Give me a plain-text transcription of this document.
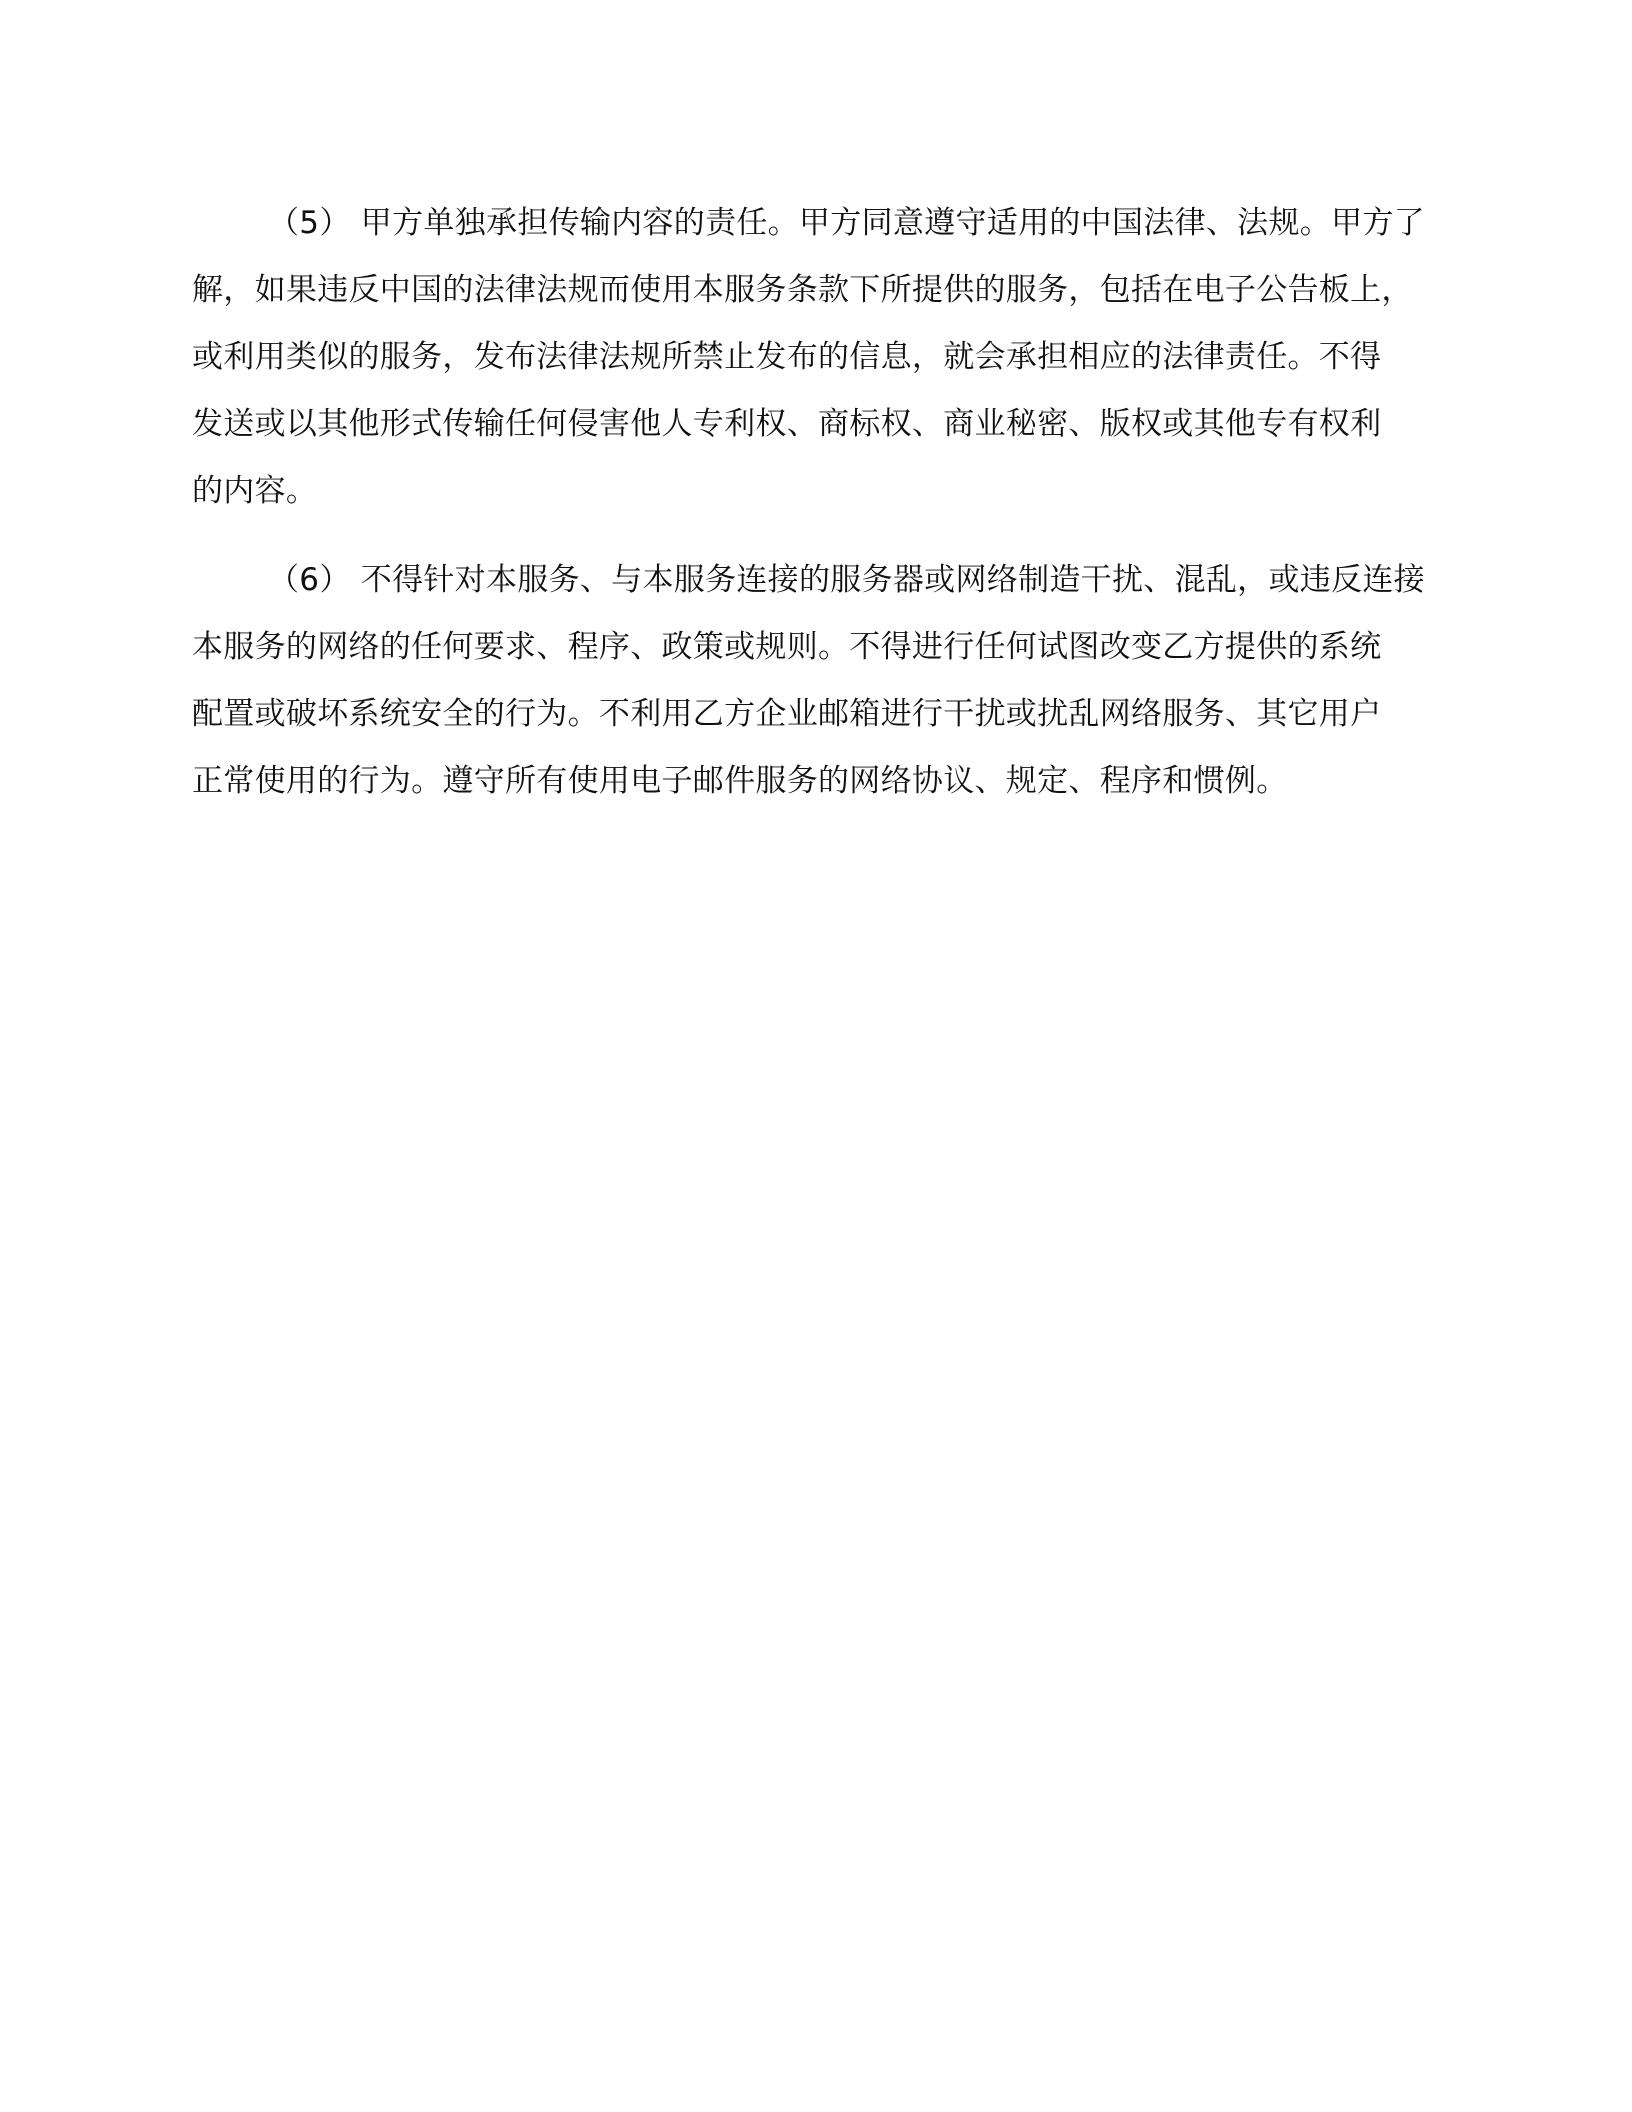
（5） 甲方单独承担传输内容的责任。甲方同意遵守适用的中国法律、法规。甲方了
解，如果违反中国的法律法规而使用本服务条款下所提供的服务，包括在电子公告板上，
或利用类似的服务，发布法律法规所禁止发布的信息，就会承担相应的法律责任。不得
发送或以其他形式传输任何侵害他人专利权、商标权、商业秘密、版权或其他专有权利
的内容。

（6） 不得针对本服务、与本服务连接的服务器或网络制造干扰、混乱，或违反连接
本服务的网络的任何要求、程序、政策或规则。不得进行任何试图改变乙方提供的系统
配置或破坏系统安全的行为。不利用乙方企业邮箱进行干扰或扰乱网络服务、其它用户
正常使用的行为。遵守所有使用电子邮件服务的网络协议、规定、程序和惯例。
